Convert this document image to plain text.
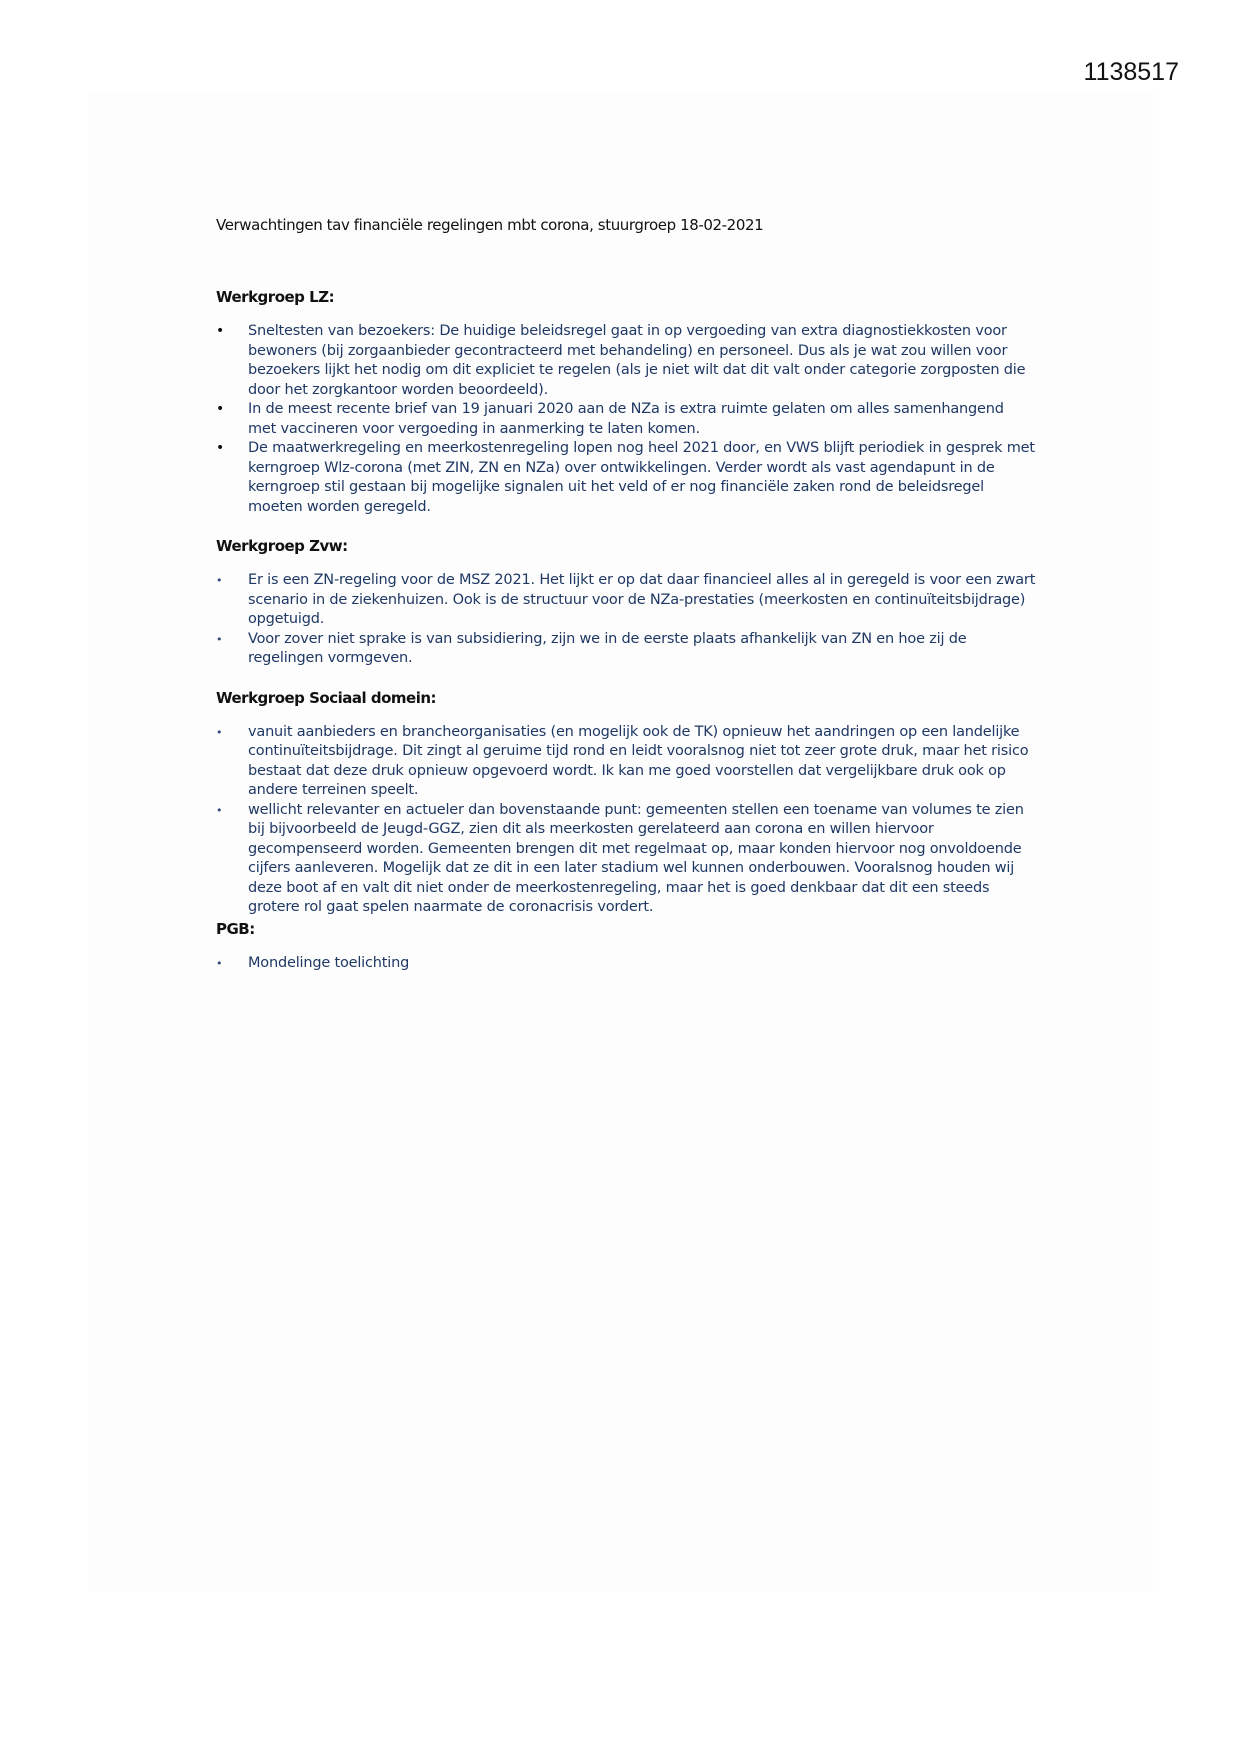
1138517
Verwachtingen tav financiële regelingen mbt corona, stuurgroep 18-02-2021
Werkgroep LZ:
•	Sneltesten van bezoekers: De huidige beleidsregel gaat in op vergoeding van extra diagnostiekkosten voor bewoners (bij zorgaanbieder gecontracteerd met behandeling) en personeel. Dus als je wat zou willen voor bezoekers lijkt het nodig om dit expliciet te regelen (als je niet wilt dat dit valt onder categorie zorgposten die door het zorgkantoor worden beoordeeld).
•	In de meest recente brief van 19 januari 2020 aan de NZa is extra ruimte gelaten om alles samenhangend met vaccineren voor vergoeding in aanmerking te laten komen.
•	De maatwerkregeling en meerkostenregeling lopen nog heel 2021 door, en VWS blijft periodiek in gesprek met kerngroep Wlz-corona (met ZIN, ZN en NZa) over ontwikkelingen. Verder wordt als vast agendapunt in de kerngroep stil gestaan bij mogelijke signalen uit het veld of er nog financiële zaken rond de beleidsregel moeten worden geregeld.
Werkgroep Zvw:
•	Er is een ZN-regeling voor de MSZ 2021. Het lijkt er op dat daar financieel alles al in geregeld is voor een zwart scenario in de ziekenhuizen. Ook is de structuur voor de NZa-prestaties (meerkosten en continuïteitsbijdrage) opgetuigd.
•	Voor zover niet sprake is van subsidiering, zijn we in de eerste plaats afhankelijk van ZN en hoe zij de regelingen vormgeven.
Werkgroep Sociaal domein:
•	vanuit aanbieders en brancheorganisaties (en mogelijk ook de TK) opnieuw het aandringen op een landelijke continuïteitsbijdrage. Dit zingt al geruime tijd rond en leidt vooralsnog niet tot zeer grote druk, maar het risico bestaat dat deze druk opnieuw opgevoerd wordt. Ik kan me goed voorstellen dat vergelijkbare druk ook op andere terreinen speelt.
•	wellicht relevanter en actueler dan bovenstaande punt: gemeenten stellen een toename van volumes te zien bij bijvoorbeeld de Jeugd-GGZ, zien dit als meerkosten gerelateerd aan corona en willen hiervoor gecompenseerd worden. Gemeenten brengen dit met regelmaat op, maar konden hiervoor nog onvoldoende cijfers aanleveren. Mogelijk dat ze dit in een later stadium wel kunnen onderbouwen. Vooralsnog houden wij deze boot af en valt dit niet onder de meerkostenregeling, maar het is goed denkbaar dat dit een steeds grotere rol gaat spelen naarmate de coronacrisis vordert.
PGB:
•	Mondelinge toelichting
